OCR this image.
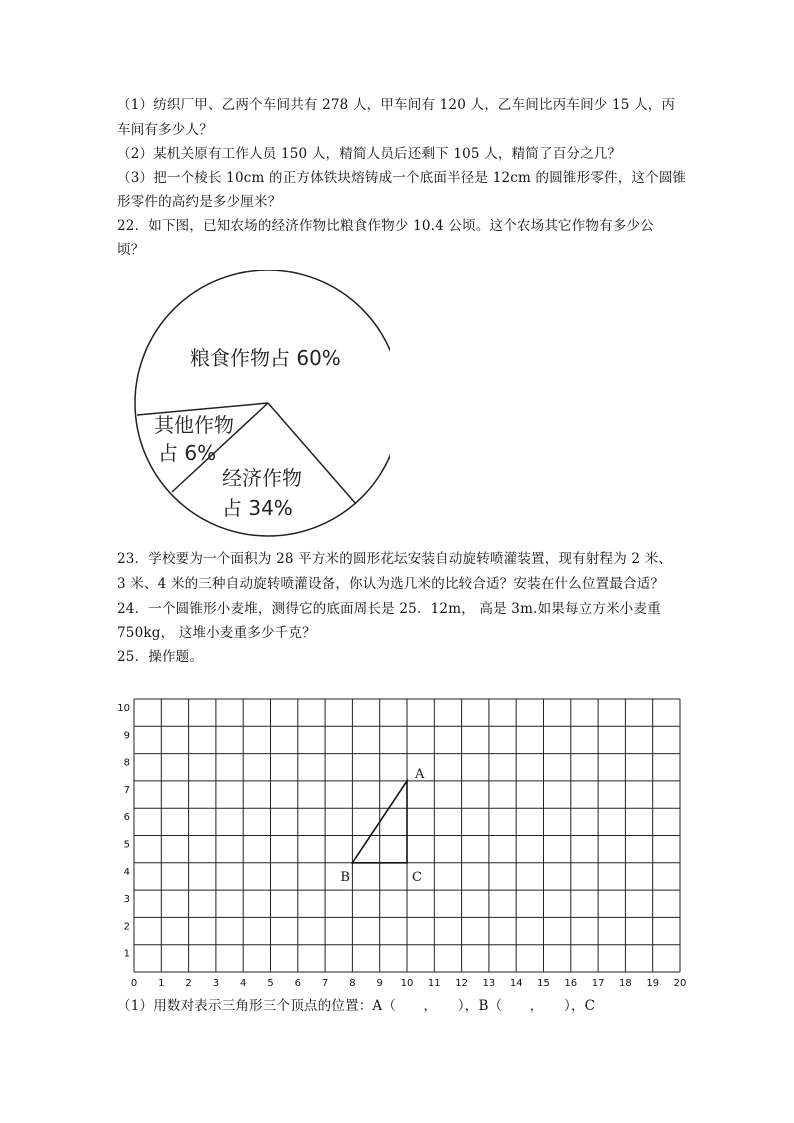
（1）纺织厂甲、乙两个车间共有 278 人，甲车间有 120 人，乙车间比丙车间少 15 人，丙
车间有多少人？
（2）某机关原有工作人员 150 人，精简人员后还剩下 105 人，精简了百分之几？
（3）把一个棱长 10cm 的正方体铁块熔铸成一个底面半径是 12cm 的圆锥形零件，这个圆锥
形零件的高约是多少厘米？
22．如下图，已知农场的经济作物比粮食作物少 10.4 公顷。这个农场其它作物有多少公
顷？
粮食作物占 60%
其他作物
占 6%
经济作物
占 34%
23．学校要为一个面积为 28 平方米的圆形花坛安装自动旋转喷灌装置，现有射程为 2 米、
3 米、4 米的三种自动旋转喷灌设备，你认为选几米的比较合适？安装在什么位置最合适？
24．一个圆锥形小麦堆，测得它的底面周长是 25．12m， 高是 3m.如果每立方米小麦重
750kg， 这堆小麦重多少千克？
25．操作题。
0 1 2 3 4 5 6 7 8 9 10 11 12 13 14 15 16 17 18 19 20
1
2
3
4
5
6
7
8
9
10
A
B	C
（1）用数对表示三角形三个顶点的位置：A（　　，　　），B（　　，　　），C
